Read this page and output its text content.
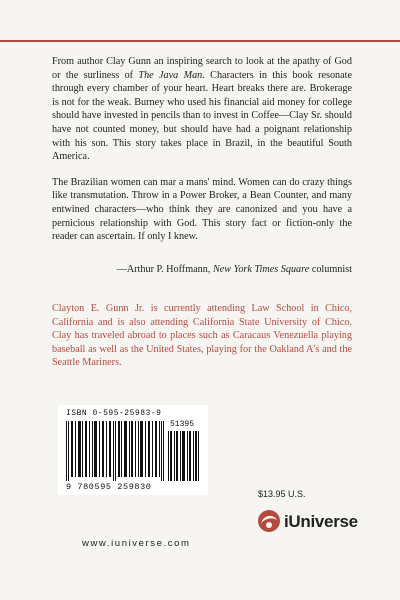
From author Clay Gunn an inspiring search to look at the apathy of God or the surliness of The Java Man. Characters in this book resonate through every chamber of your heart. Heart breaks there are. Brokerage is not for the weak. Burney who used his financial aid money for college should have invested in pencils than to invest in Coffee—Clay Sr. should have not counted money, but should have had a poignant relationship with his son. This story takes place in Brazil, in the beautiful South America.

The Brazilian women can mar a mans' mind. Women can do crazy things like transmutation. Throw in a Power Broker, a Bean Counter, and many entwined characters—who think they are canonized and you have a pernicious relationship with God. This story fact or fiction-only the reader can ascertain. If only I knew.

—Arthur P. Hoffmann, New York Times Square columnist
Clayton E. Gunn Jr. is currently attending Law School in Chico, California and is also attending California State University of Chico. Clay has traveled abroad to places such as Caracaus Venezuella playing baseball as well as the United States, playing for the Oakland A's and the Seattle Mariners.
ISBN 0-595-25983-9
51395
9 780595 259830
$13.95 U.S.
iUniverse
www.iuniverse.com
